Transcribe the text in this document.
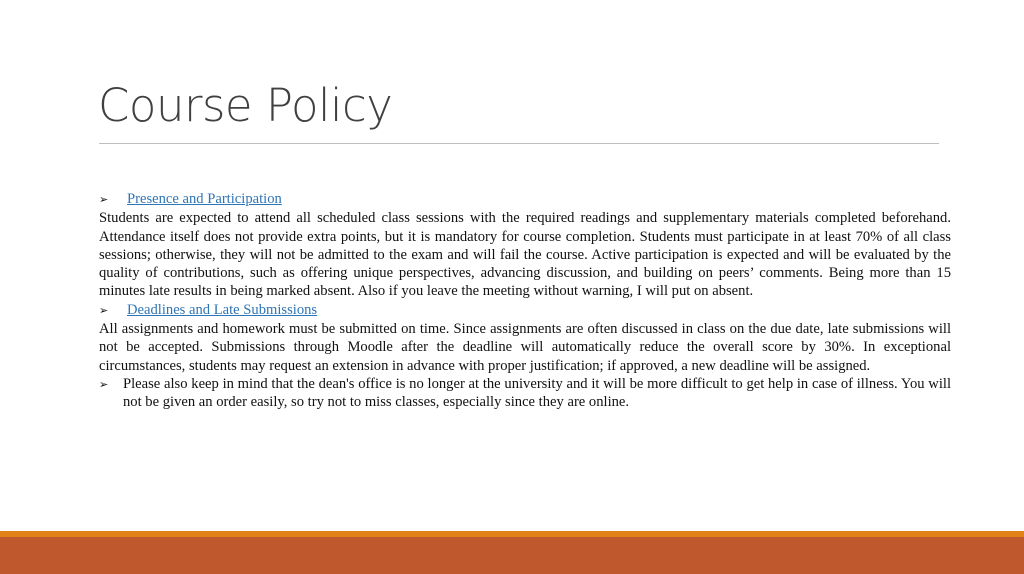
Course Policy
➢	Presence and Participation

Students are expected to attend all scheduled class sessions with the required readings and supplementary materials completed beforehand. Attendance itself does not provide extra points, but it is mandatory for course completion. Students must participate in at least 70% of all class sessions; otherwise, they will not be admitted to the exam and will fail the course. Active participation is expected and will be evaluated by the quality of contributions, such as offering unique perspectives, advancing discussion, and building on peers’ comments. Being more than 15 minutes late results in being marked absent. Also if you leave the meeting without warning, I will put on absent.

➢	Deadlines and Late Submissions

All assignments and homework must be submitted on time. Since assignments are often discussed in class on the due date, late submissions will not be accepted. Submissions through Moodle after the deadline will automatically reduce the overall score by 30%. In exceptional circumstances, students may request an extension in advance with proper justification; if approved, a new deadline will be assigned.

➢	Please also keep in mind that the dean's office is no longer at the university and it will be more difficult to get help in case of illness. You will not be given an order easily, so try not to miss classes, especially since they are online.
